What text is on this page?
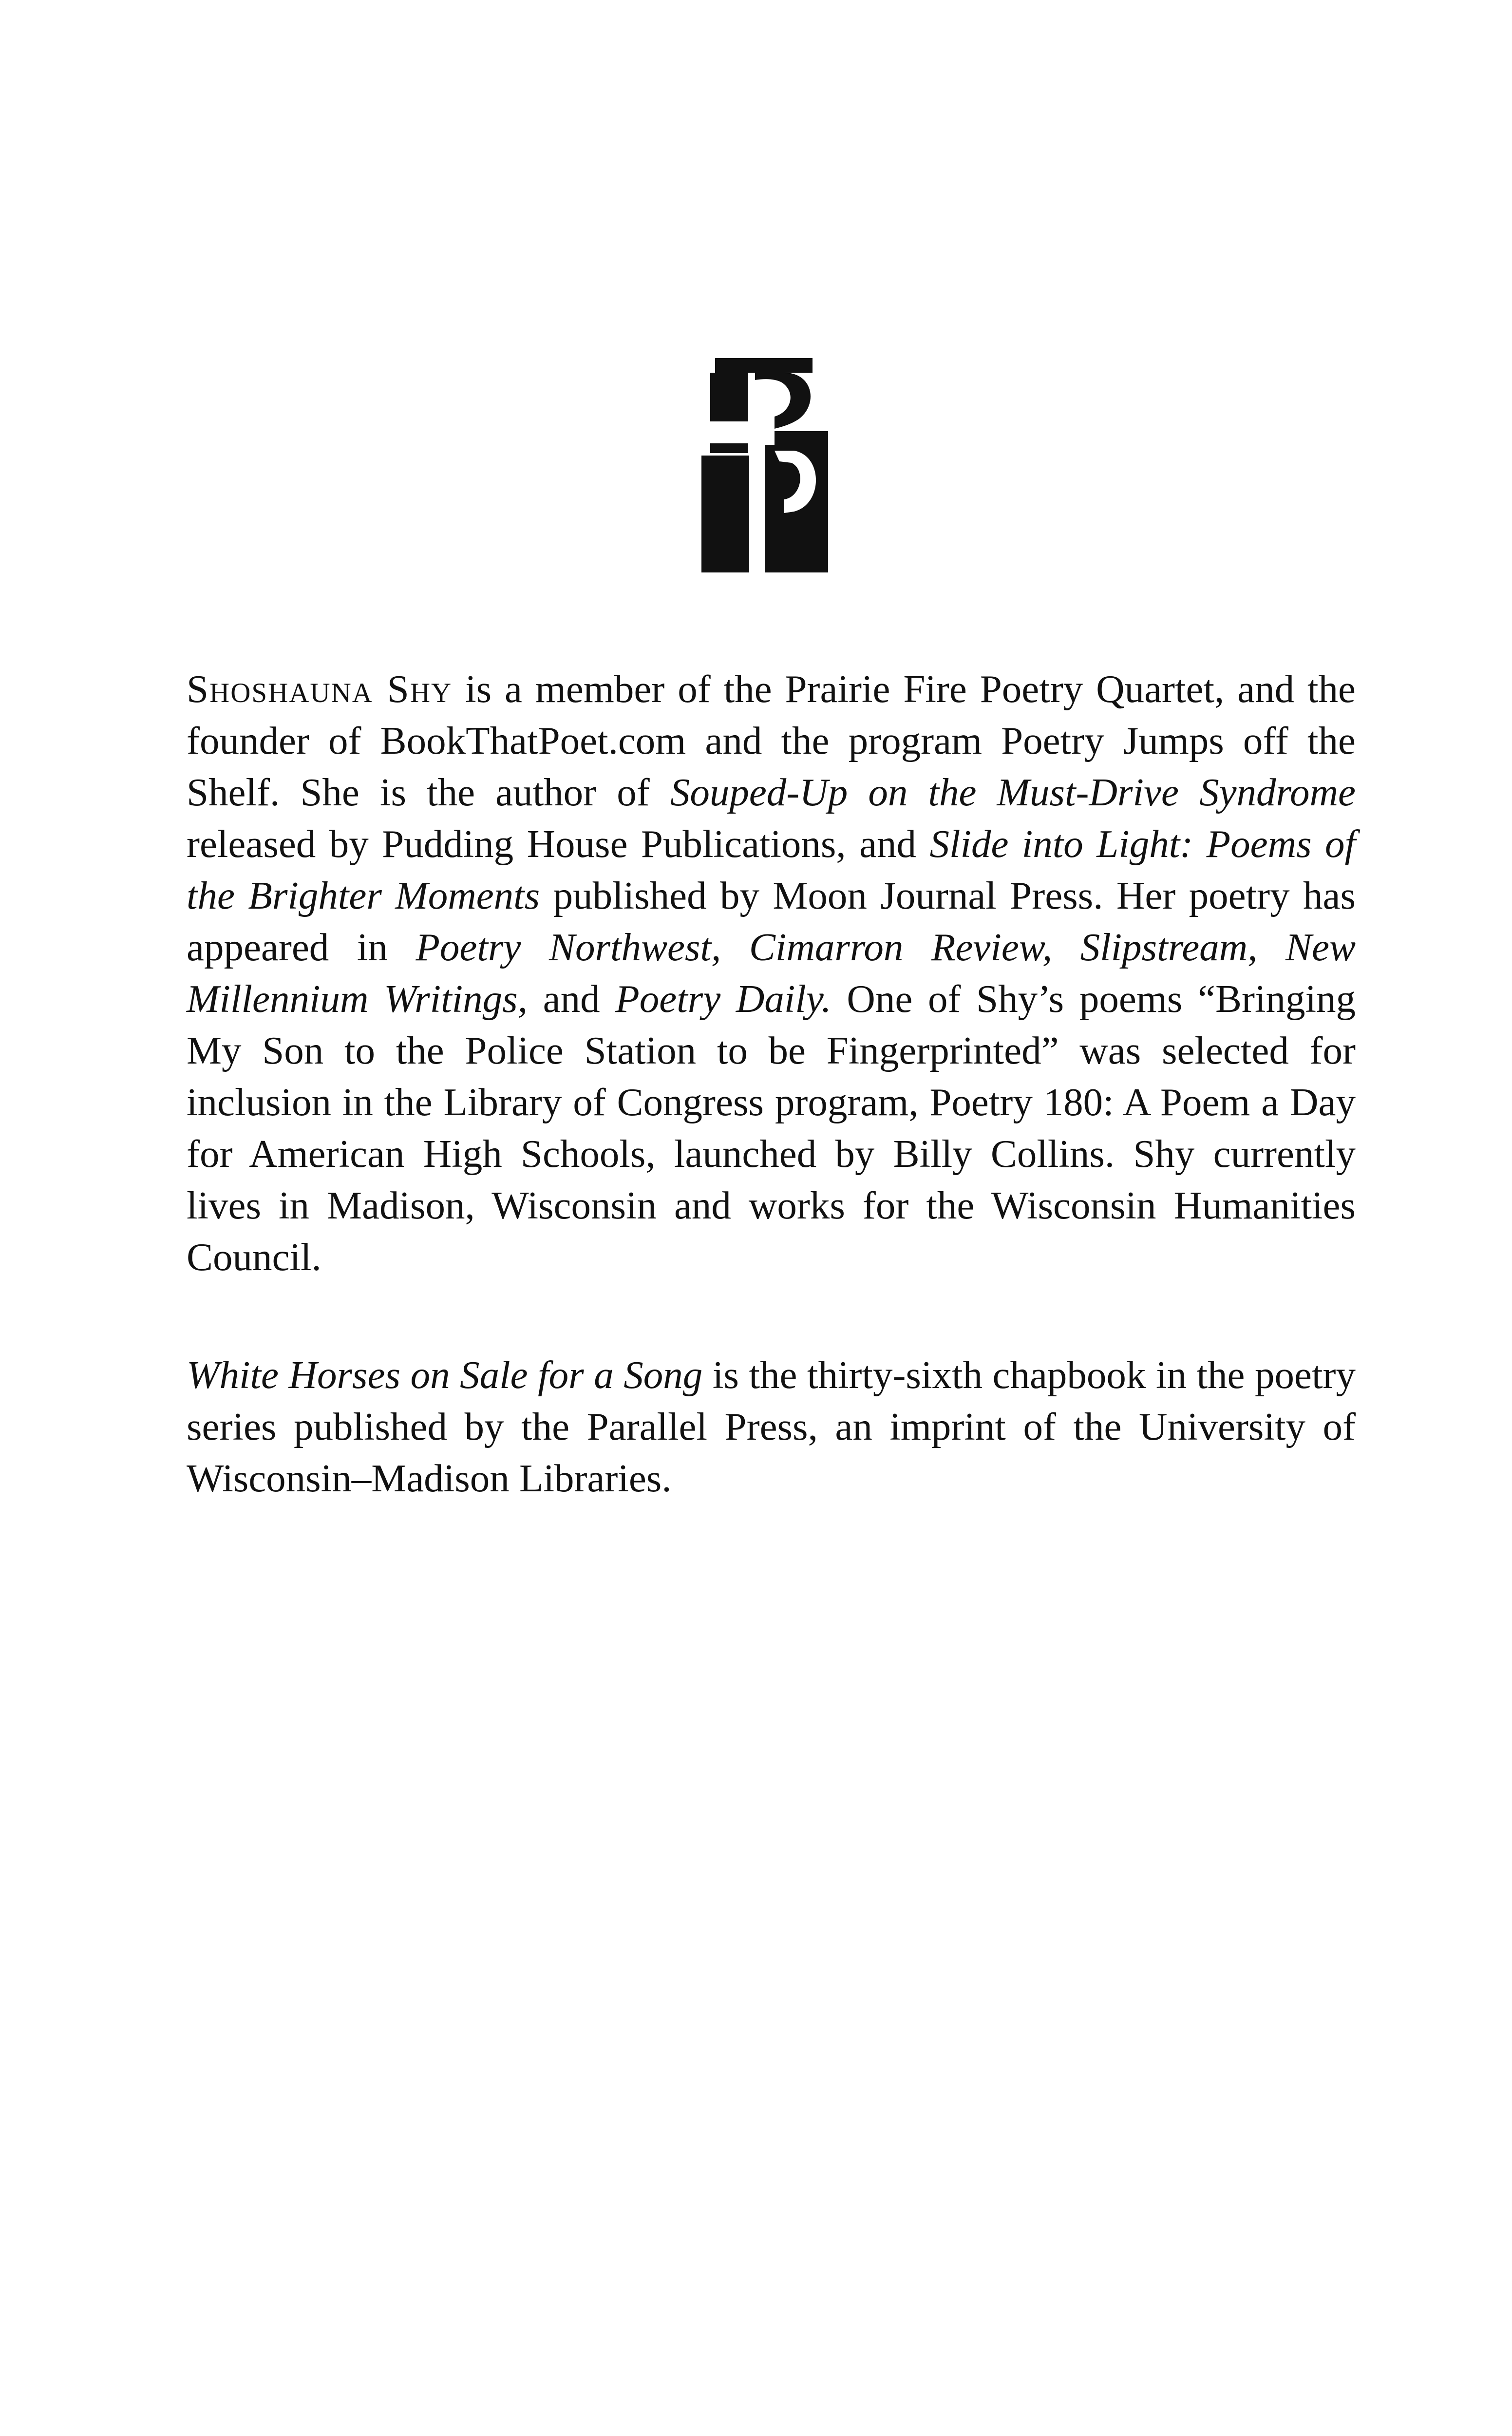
Shoshauna Shy is a member of the Prairie Fire Poetry Quartet, and the founder of BookThatPoet.com and the program Poetry Jumps off the Shelf. She is the author of Souped-Up on the Must-Drive Syndrome released by Pudding House Publications, and Slide into Light: Poems of the Brighter Moments published by Moon Journal Press. Her poetry has appeared in Poetry Northwest, Cimarron Review, Slipstream, New Millennium Writings, and Poetry Daily. One of Shy’s poems “Bringing My Son to the Police Station to be Fingerprinted” was selected for inclusion in the Library of Congress program, Poetry 180: A Poem a Day for American High Schools, launched by Billy Collins. Shy currently lives in Madison, Wisconsin and works for the Wisconsin Humanities Council.

White Horses on Sale for a Song is the thirty-sixth chapbook in the poetry series published by the Parallel Press, an imprint of the University of Wisconsin–Madison Libraries.
